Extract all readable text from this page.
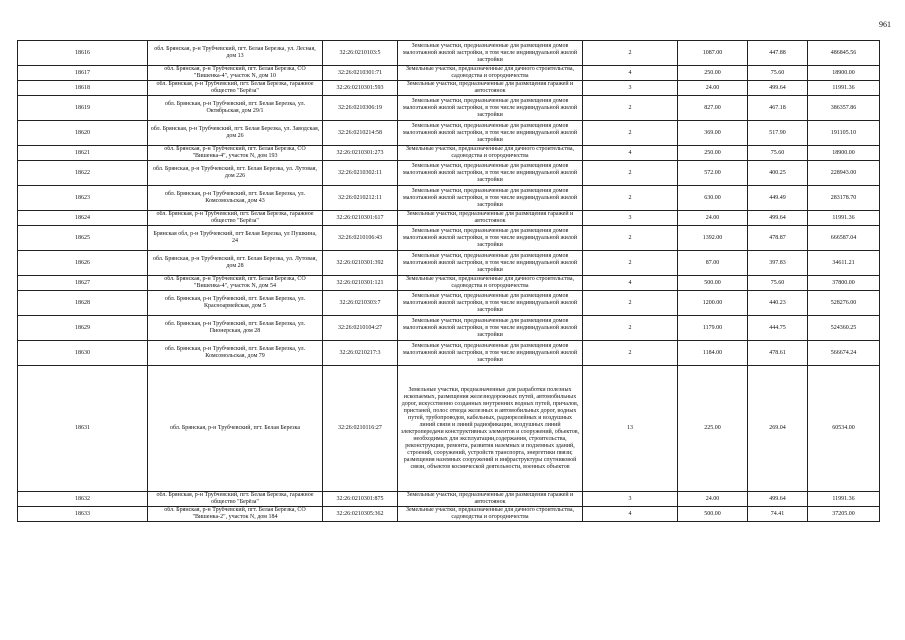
961
18616	обл. Брянская, р-н Трубчевский, пгт. Белая Березка, ул. Лесная, дом 13	32:26:0210103:5	Земельные участки, предназначенные для размещения домов малоэтажной жилой застройки, в том числе индивидуальной жилой застройки	2	1087.00	447.88	486845.56
18617	обл. Брянская, р-н Трубчевский, пгт. Белая Березка, СО "Вишенка-4", участок N, дом 10	32:26:0210301:71	Земельные участки, предназначенные для дачного строительства, садоводства и огородничества	4	250.00	75.60	18900.00
18618	обл. Брянская, р-н Трубчевский, пгт. Белая Березка, гаражное общество "Берёза"	32:26:0210301:593	Земельные участки, предназначенные для размещения гаражей и автостоянок	3	24.00	499.64	11991.36
18619	обл. Брянская, р-н Трубчевский, пгт. Белая Березка, ул. Октябрьская, дом 29/1	32:26:0210306:19	Земельные участки, предназначенные для размещения домов малоэтажной жилой застройки, в том числе индивидуальной жилой застройки	2	827.00	467.18	386357.86
18620	обл. Брянская, р-н Трубчевский, пгт. Белая Березка, ул. Заводская, дом 26	32:26:0210214:58	Земельные участки, предназначенные для размещения домов малоэтажной жилой застройки, в том числе индивидуальной жилой застройки	2	369.00	517.90	191105.10
18621	обл. Брянская, р-н Трубчевский, пгт. Белая Березка, СО "Вишенка-4", участок N, дом 193	32:26:0210301:273	Земельные участки, предназначенные для дачного строительства, садоводства и огородничества	4	250.00	75.60	18900.00
18622	обл. Брянская, р-н Трубчевский, пгт. Белая Березка, ул. Лутовая, дом 226	32:26:0210302:11	Земельные участки, предназначенные для размещения домов малоэтажной жилой застройки, в том числе индивидуальной жилой застройки	2	572.00	400.25	228943.00
18623	обл. Брянская, р-н Трубчевский, пгт. Белая Березка, ул. Комсомольская, дом 43	32:26:0210212:11	Земельные участки, предназначенные для размещения домов малоэтажной жилой застройки, в том числе индивидуальной жилой застройки	2	630.00	449.49	283178.70
18624	обл. Брянская, р-н Трубчевский, пгт. Белая Березка, гаражное общество "Берёза"	32:26:0210301:617	Земельные участки, предназначенные для размещения гаражей и автостоянок	3	24.00	499.64	11991.36
18625	Брянская обл, р-н Трубчевский, пгт Белая Березка, ул Пушкина, 24	32:26:0210106:43	Земельные участки, предназначенные для размещения домов малоэтажной жилой застройки, в том числе индивидуальной жилой застройки	2	1392.00	478.87	666587.04
18626	обл. Брянская, р-н Трубчевский, пгт. Белая Березка, ул. Лутовая, дом 28	32:26:0210301:392	Земельные участки, предназначенные для размещения домов малоэтажной жилой застройки, в том числе индивидуальной жилой застройки	2	87.00	397.83	34611.21
18627	обл. Брянская, р-н Трубчевский, пгт. Белая Березка, СО "Вишенка-4", участок N, дом 54	32:26:0210301:121	Земельные участки, предназначенные для дачного строительства, садоводства и огородничества	4	500.00	75.60	37800.00
18628	обл. Брянская, р-н Трубчевский, пгт. Белая Березка, ул. Красноармейская, дом 5	32:26:0210303:7	Земельные участки, предназначенные для размещения домов малоэтажной жилой застройки, в том числе индивидуальной жилой застройки	2	1200.00	440.23	528276.00
18629	обл. Брянская, р-н Трубчевский, пгт. Белая Березка, ул. Пионерская, дом 28	32:26:0210104:27	Земельные участки, предназначенные для размещения домов малоэтажной жилой застройки, в том числе индивидуальной жилой застройки	2	1179.00	444.75	524360.25
18630	обл. Брянская, р-н Трубчевский, пгт. Белая Березка, ул. Комсомольская, дом 79	32:26:0210217:3	Земельные участки, предназначенные для размещения домов малоэтажной жилой застройки, в том числе индивидуальной жилой застройки	2	1184.00	478.61	566674.24
18631	обл. Брянская, р-н Трубчевский, пгт. Белая Березка	32:26:0210116:27	Земельные участки, предназначенные для разработки полезных ископаемых, размещения железнодорожных путей, автомобильных дорог, искусственно созданных внутренних водных путей, причалов, пристаней, полос отвода железных и автомобильных дорог, водных путей, трубопроводов, кабельных, радиорелейных и воздушных линий связи и линий радиофикации, воздушных линий электропередачи конструктивных элементов и сооружений, объектов, необходимых для эксплуатации,содержания, строительства, реконструкции, ремонта, развития наземных и подземных зданий, строений, сооружений, устройств транспорта, энергетики пвязи; размещения наземных сооружений и инфраструктуры спутниковой связи, объектов космической деятельности, военных объектов	13	225.00	269.04	60534.00
18632	обл. Брянская, р-н Трубчевский, пгт. Белая Березка, гаражное общество "Берёза"	32:26:0210301:875	Земельные участки, предназначенные для размещения гаражей и автостоянок	3	24.00	499.64	11991.36
18633	обл. Брянская, р-н Трубчевский, пгт. Белая Березка, СО "Вишенка-2", участок N, дом 184	32:26:0210305:362	Земельные участки, предназначенные для дачного строительства, садоводства и огородничества	4	500.00	74.41	37205.00
